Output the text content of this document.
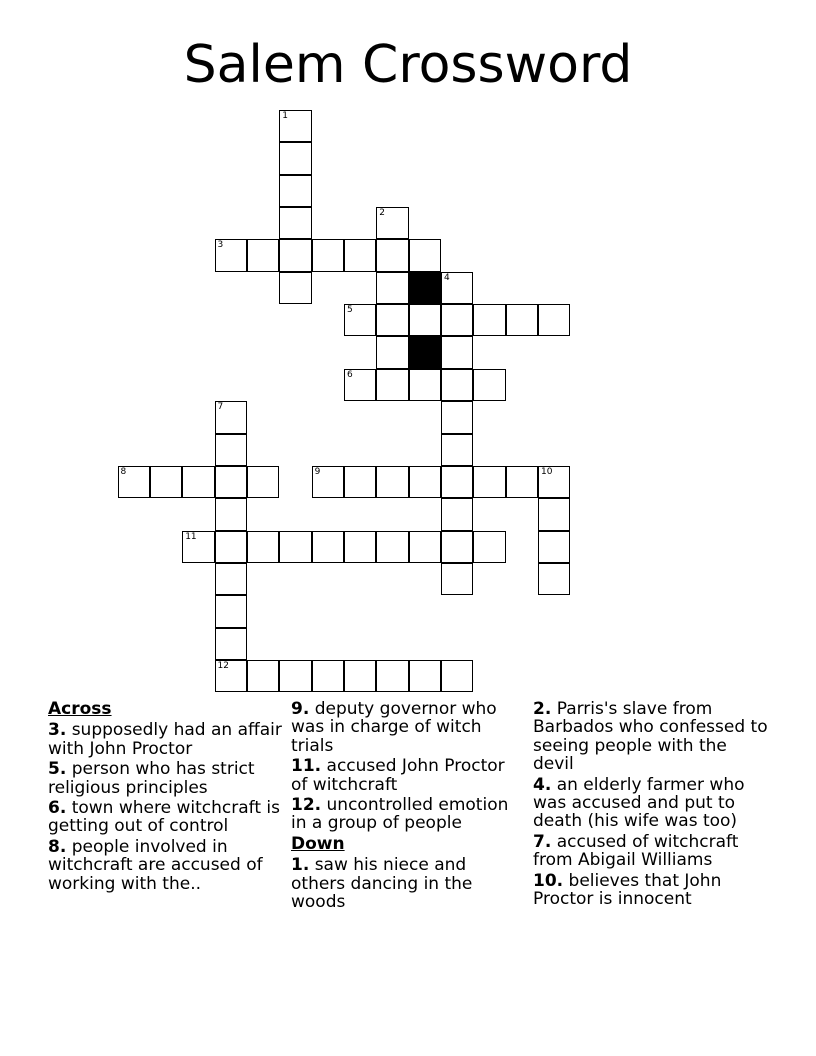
Salem Crossword
1
2
3
4
5
6
7
8	9	10
11
12
Across
3. supposedly had an affair with John Proctor
5. person who has strict religious principles
6. town where witchcraft is getting out of control
8. people involved in witchcraft are accused of working with the..
9. deputy governor who was in charge of witch trials
11. accused John Proctor of witchcraft
12. uncontrolled emotion in a group of people
Down
1. saw his niece and others dancing in the woods
2. Parris's slave from Barbados who confessed to seeing people with the devil
4. an elderly farmer who was accused and put to death (his wife was too)
7. accused of witchcraft from Abigail Williams
10. believes that John Proctor is innocent
